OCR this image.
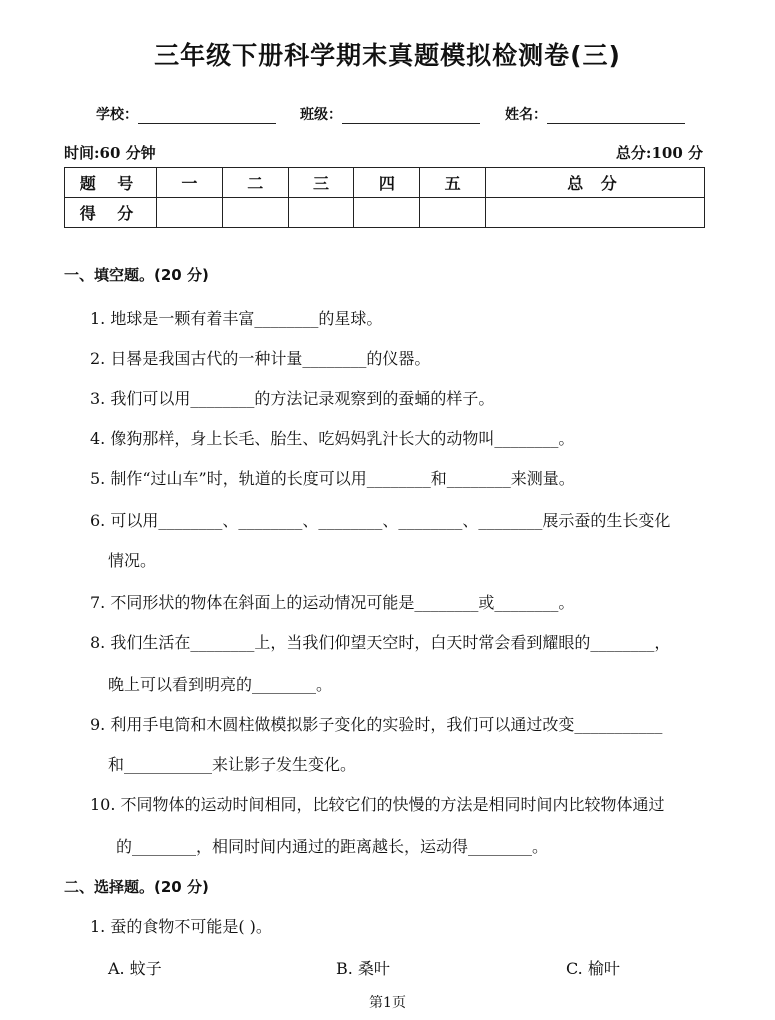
三年级下册科学期末真题模拟检测卷(三)
学校：	班级：	姓名：
时间:60 分钟	总分:100 分
题 号	一	二	三	四	五	总 分
得 分						
一、填空题。(20 分)
1. 地球是一颗有着丰富________的星球。
2. 日晷是我国古代的一种计量________的仪器。
3. 我们可以用________的方法记录观察到的蚕蛹的样子。
4. 像狗那样，身上长毛、胎生、吃妈妈乳汁长大的动物叫________。
5. 制作“过山车”时，轨道的长度可以用________和________来测量。
6. 可以用________、________、________、________、________展示蚕的生长变化
情况。
7. 不同形状的物体在斜面上的运动情况可能是________或________。
8. 我们生活在________上，当我们仰望天空时，白天时常会看到耀眼的________，
晚上可以看到明亮的________。
9. 利用手电筒和木圆柱做模拟影子变化的实验时，我们可以通过改变___________
和___________来让影子发生变化。
10. 不同物体的运动时间相同，比较它们的快慢的方法是相同时间内比较物体通过
的________，相同时间内通过的距离越长，运动得________。
二、选择题。(20 分)
1. 蚕的食物不可能是( )。
A. 蚊子	B. 桑叶	C. 榆叶
第1页
